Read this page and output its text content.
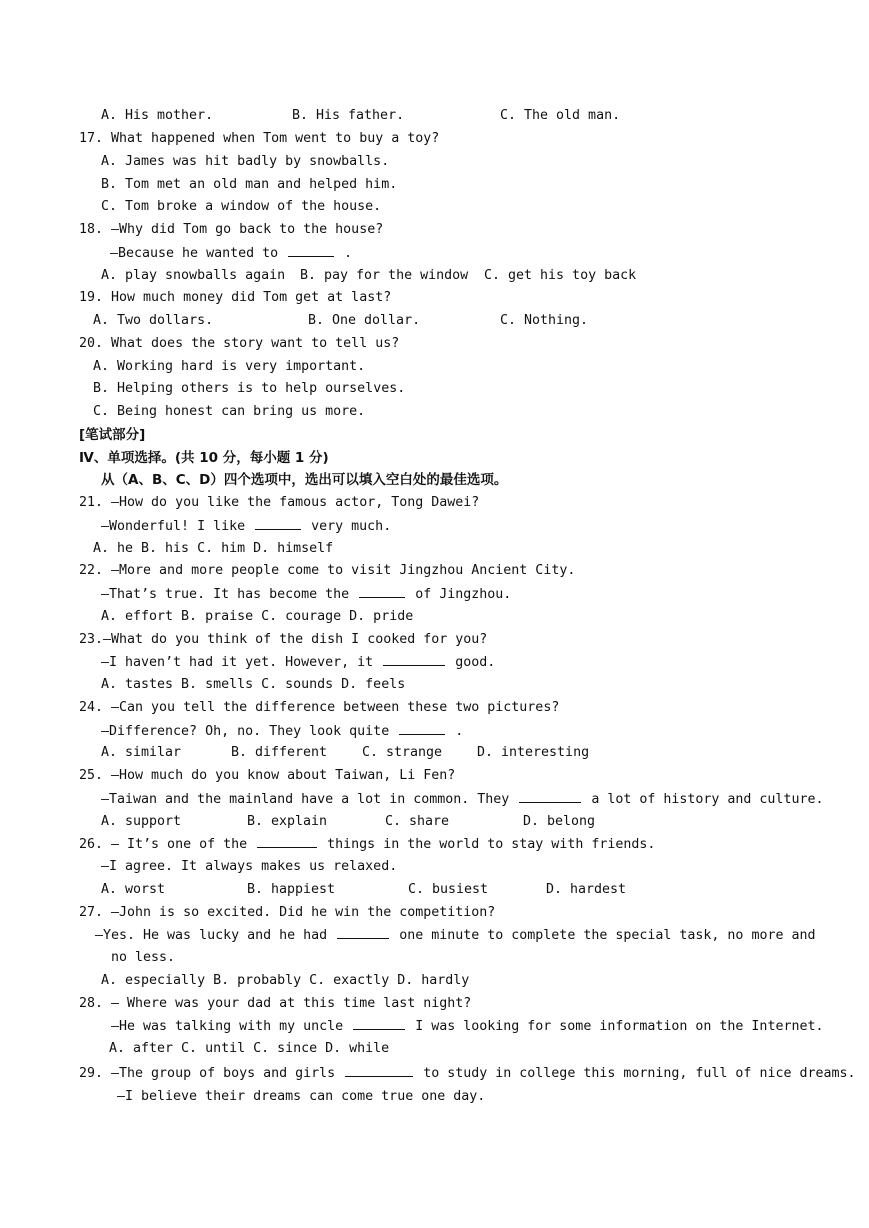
A. His mother.	B. His father.	C. The old man.
17. What happened when Tom went to buy a toy?
A. James was hit badly by snowballs.
B. Tom met an old man and helped him.
C. Tom broke a window of the house.
18. —Why did Tom go back to the house?
—Because he wanted to	.
A. play snowballs again B. pay for the window C. get his toy back
19. How much money did Tom get at last?
A. Two dollars.	B. One dollar.	C. Nothing.
20. What does the story want to tell us?
A. Working hard is very important.
B. Helping others is to help ourselves.
C. Being honest can bring us more.
[笔试部分]
Ⅳ、单项选择。(共 10 分，每小题 1 分)
从（A、B、C、D）四个选项中，选出可以填入空白处的最佳选项。
21. —How do you like the famous actor, Tong Dawei?
—Wonderful! I like	very much.
A. he B. his C. him D. himself
22. —More and more people come to visit Jingzhou Ancient City.
—That’s true. It has become the	of Jingzhou.
A. effort B. praise C. courage D. pride
23.—What do you think of the dish I cooked for you?
—I haven’t had it yet. However, it	good.
A. tastes B. smells C. sounds D. feels
24. —Can you tell the difference between these two pictures?
—Difference? Oh, no. They look quite	.
A. similar	B. different	C. strange	D. interesting
25. —How much do you know about Taiwan, Li Fen?
—Taiwan and the mainland have a lot in common. They	a lot of history and culture.
A. support	B. explain	C. share	D. belong
26. — It’s one of the	things in the world to stay with friends.
—I agree. It always makes us relaxed.
A. worst	B. happiest	C. busiest	D. hardest
27. —John is so excited. Did he win the competition?
—Yes. He was lucky and he had	one minute to complete the special task, no more and
no less.
A. especially B. probably C. exactly D. hardly
28. — Where was your dad at this time last night?
—He was talking with my uncle	I was looking for some information on the Internet.
A. after C. until C. since D. while
29. —The group of boys and girls	to study in college this morning, full of nice dreams.
—I believe their dreams can come true one day.
